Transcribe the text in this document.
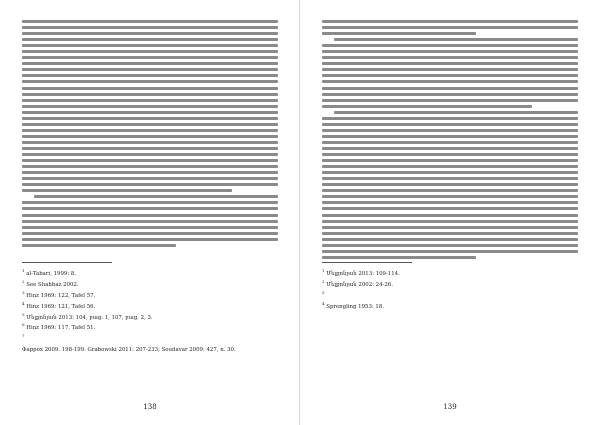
$^1$ al-Tabari, 1999: 8.
$^2$ See Shahbaz 2002.
$^3$ Hinz 1969: 122, Tafel 57.
$^4$ Hinz 1969: 121, Tafel 56.
$^5$ Մելքոնյան 2013: 104, բաց. 1, 107, բաց. 2, 3.
$^6$ Hinz 1969: 117, Tafel 51.
$^7$
Фаррох 2009. 198-199. Grabowski 2011: 207-233; Soudavar 2009: 427, n. 30.
138
$^1$ Մելքոնյան 2013: 109-114.
$^2$ Մելքոնյան 2002: 24-26.
$^3$
$^4$ Sprengling 1953: 18.
139
